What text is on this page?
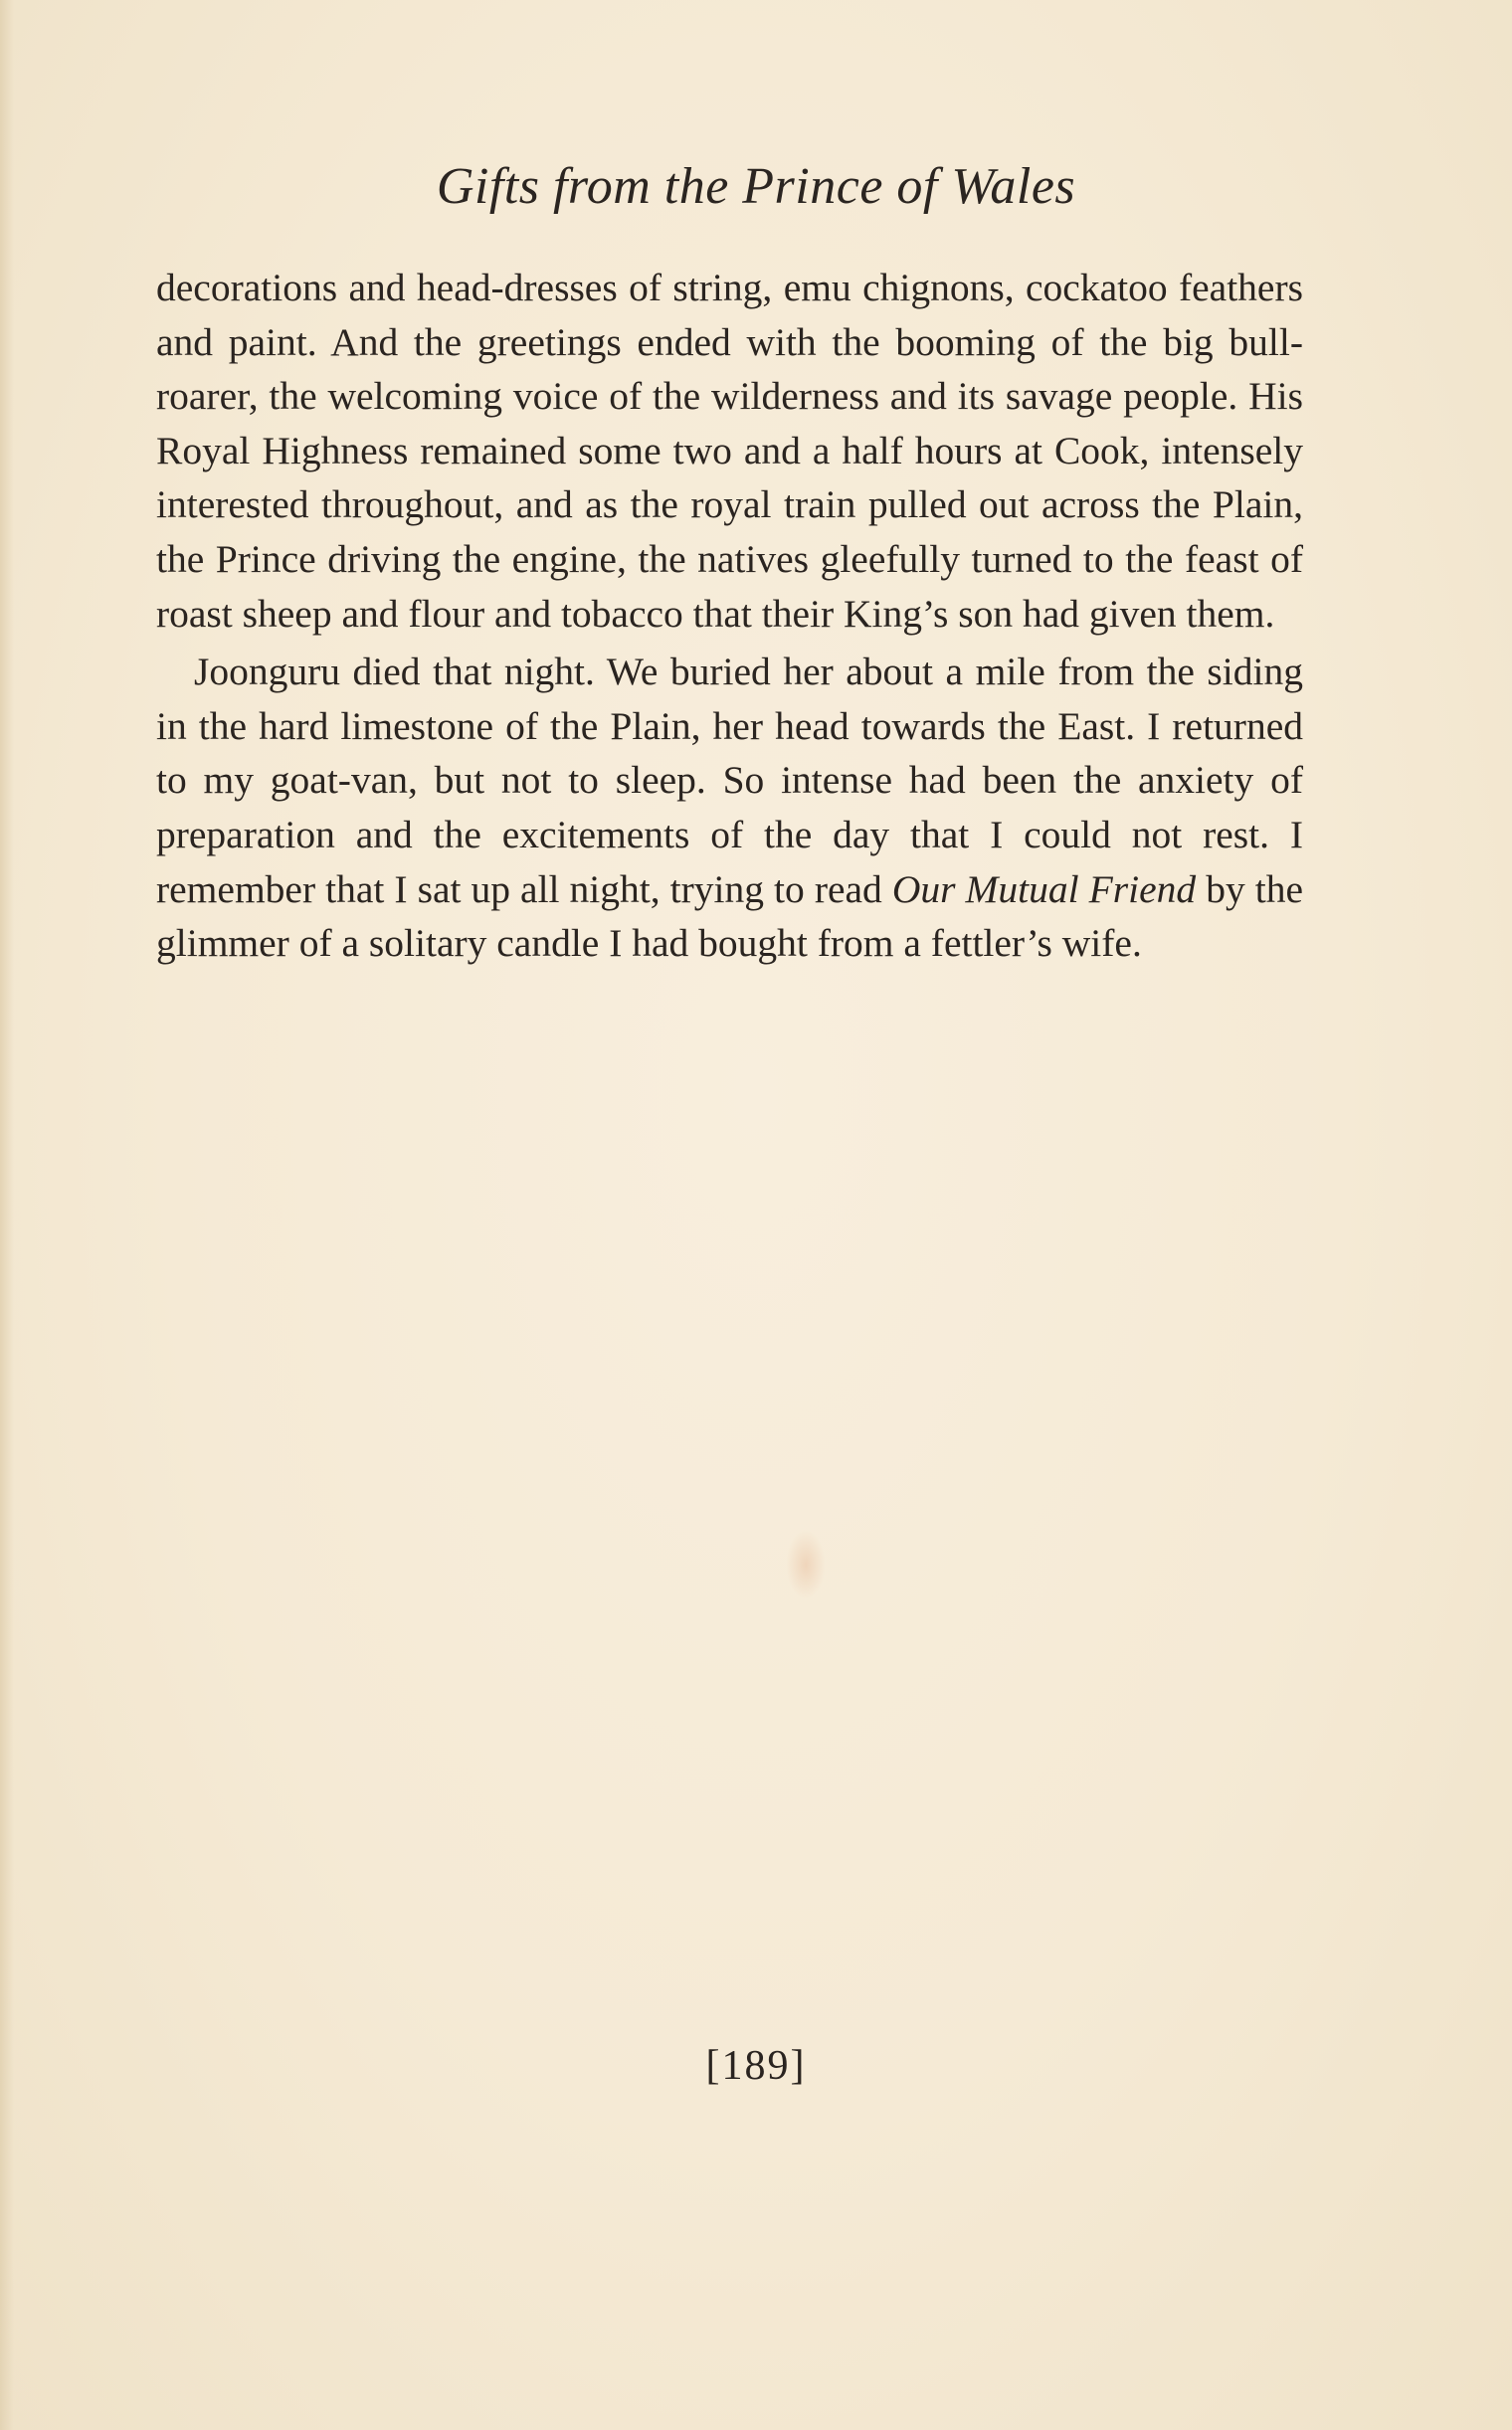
Gifts from the Prince of Wales

decorations and head-dresses of string, emu chignons, cockatoo feathers and paint. And the greetings ended with the booming of the big bull-roarer, the welcoming voice of the wilderness and its savage people. His Royal Highness remained some two and a half hours at Cook, intensely interested throughout, and as the royal train pulled out across the Plain, the Prince driving the engine, the natives gleefully turned to the feast of roast sheep and flour and tobacco that their King’s son had given them.

Joonguru died that night. We buried her about a mile from the siding in the hard limestone of the Plain, her head towards the East. I returned to my goat-van, but not to sleep. So intense had been the anxiety of preparation and the excitements of the day that I could not rest. I remember that I sat up all night, trying to read Our Mutual Friend by the glimmer of a solitary candle I had bought from a fettler’s wife.

[189]
